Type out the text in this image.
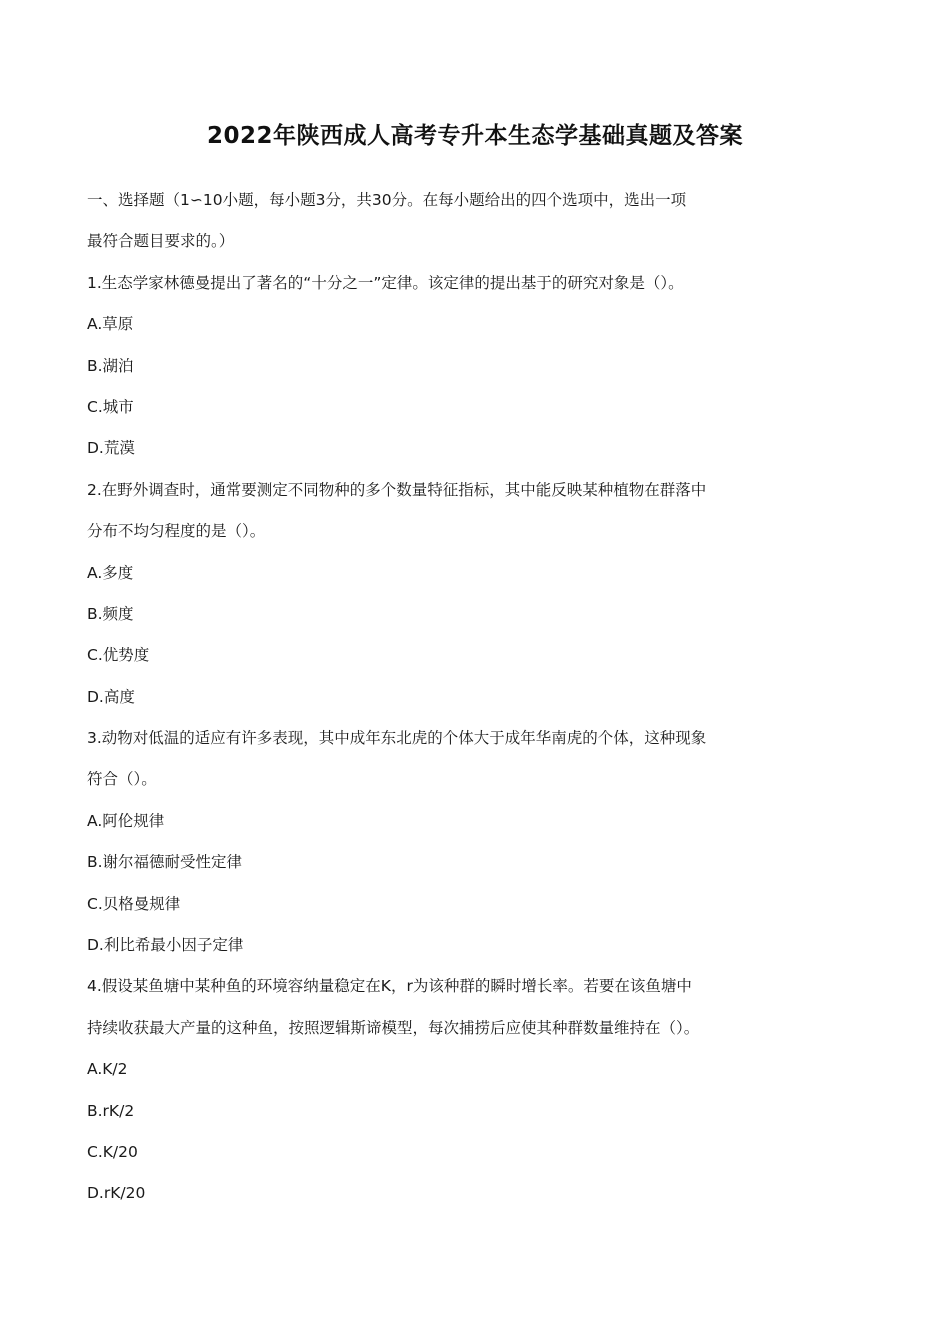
2022年陕西成人高考专升本生态学基础真题及答案
一、选择题（1∽10小题，每小题3分，共30分。在每小题给出的四个选项中，选出一项
最符合题目要求的。）
1.生态学家林德曼提出了著名的“十分之一”定律。该定律的提出基于的研究对象是（）。
A.草原
B.湖泊
C.城市
D.荒漠
2.在野外调查时，通常要测定不同物种的多个数量特征指标，其中能反映某种植物在群落中
分布不均匀程度的是（）。
A.多度
B.频度
C.优势度
D.高度
3.动物对低温的适应有许多表现，其中成年东北虎的个体大于成年华南虎的个体，这种现象
符合（）。
A.阿伦规律
B.谢尔福德耐受性定律
C.贝格曼规律
D.利比希最小因子定律
4.假设某鱼塘中某种鱼的环境容纳量稳定在K，r为该种群的瞬时增长率。若要在该鱼塘中
持续收获最大产量的这种鱼，按照逻辑斯谛模型，每次捕捞后应使其种群数量维持在（）。
A.K/2
B.rK/2
C.K/20
D.rK/20
